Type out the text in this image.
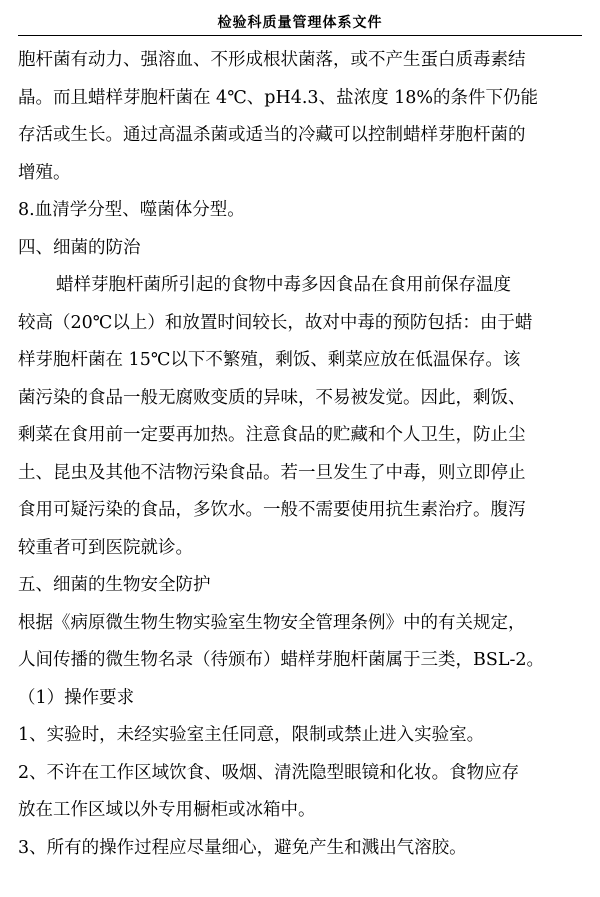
检验科质量管理体系文件
胞杆菌有动力、强溶血、不形成根状菌落，或不产生蛋白质毒素结
晶。而且蜡样芽胞杆菌在 4℃、pH4.3、盐浓度 18%的条件下仍能
存活或生长。通过高温杀菌或适当的冷藏可以控制蜡样芽胞杆菌的
增殖。
8.血清学分型、噬菌体分型。
四、细菌的防治
蜡样芽胞杆菌所引起的食物中毒多因食品在食用前保存温度
较高（20℃以上）和放置时间较长，故对中毒的预防包括：由于蜡
样芽胞杆菌在 15℃以下不繁殖，剩饭、剩菜应放在低温保存。该
菌污染的食品一般无腐败变质的异味，不易被发觉。因此，剩饭、
剩菜在食用前一定要再加热。注意食品的贮藏和个人卫生，防止尘
土、昆虫及其他不洁物污染食品。若一旦发生了中毒，则立即停止
食用可疑污染的食品，多饮水。一般不需要使用抗生素治疗。腹泻
较重者可到医院就诊。
五、细菌的生物安全防护
根据《病原微生物生物实验室生物安全管理条例》中的有关规定，
人间传播的微生物名录（待颁布）蜡样芽胞杆菌属于三类，BSL-2。
（1）操作要求
1、实验时，未经实验室主任同意，限制或禁止进入实验室。
2、不许在工作区域饮食、吸烟、清洗隐型眼镜和化妆。食物应存
放在工作区域以外专用橱柜或冰箱中。
3、所有的操作过程应尽量细心，避免产生和溅出气溶胶。
